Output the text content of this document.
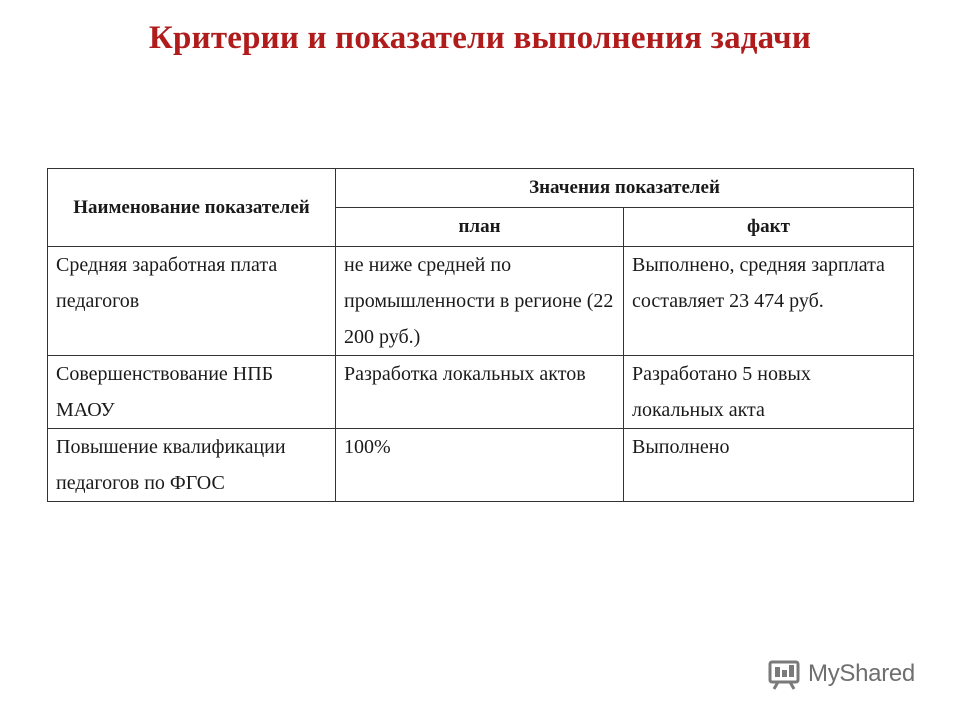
Критерии и показатели выполнения задачи
Наименование показателей	Значения показателей	
	план	факт
Средняя заработная плата педагогов	не ниже средней по промышленности в регионе (22 200 руб.)	Выполнено, средняя зарплата составляет 23 474 руб.
Совершенствование НПБ МАОУ	Разработка локальных актов	Разработано 5 новых локальных акта
Повышение квалификации педагогов по ФГОС	100%	Выполнено
MyShared
